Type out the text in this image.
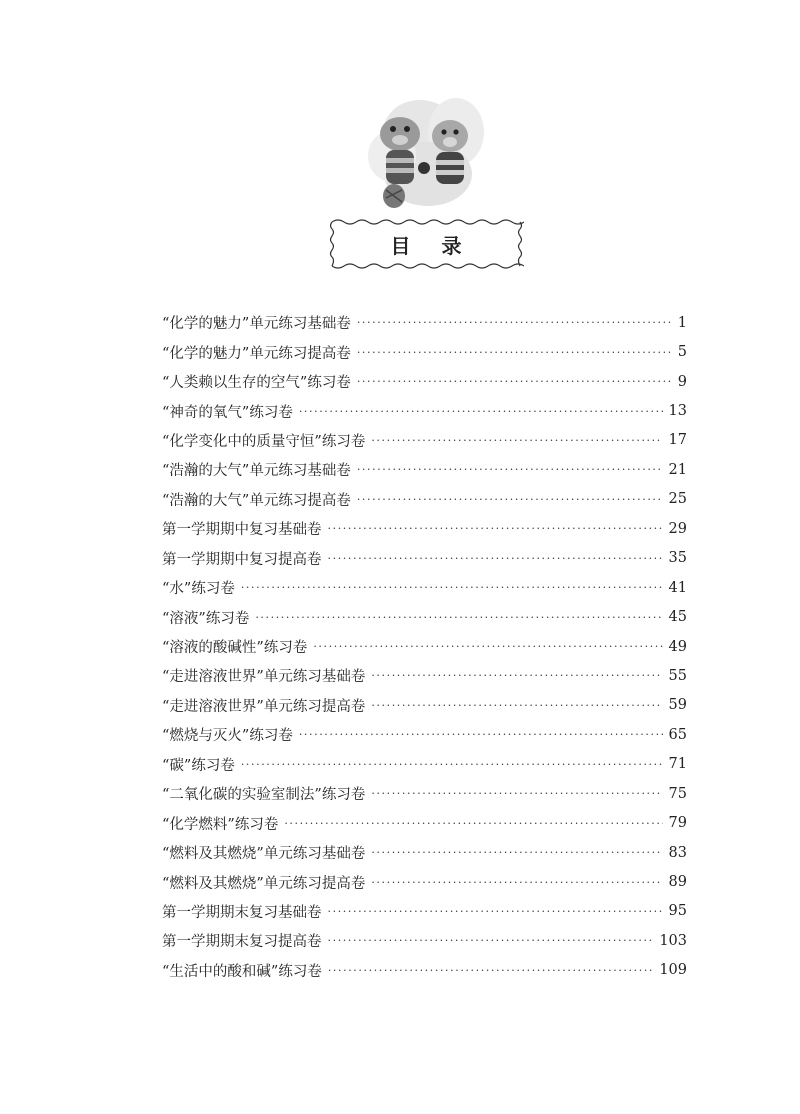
目 录
“化学的魅力”单元练习基础卷 ·····	1
“化学的魅力”单元练习提高卷 ·····	5
“人类赖以生存的空气”练习卷 ·····	9
“神奇的氧气”练习卷 ·····	13
“化学变化中的质量守恒”练习卷 ·····	17
“浩瀚的大气”单元练习基础卷 ·····	21
“浩瀚的大气”单元练习提高卷 ·····	25
第一学期期中复习基础卷 ·····	29
第一学期期中复习提高卷 ·····	35
“水”练习卷 ·····	41
“溶液”练习卷 ·····	45
“溶液的酸碱性”练习卷 ·····	49
“走进溶液世界”单元练习基础卷 ·····	55
“走进溶液世界”单元练习提高卷 ·····	59
“燃烧与灭火”练习卷 ·····	65
“碳”练习卷 ·····	71
“二氧化碳的实验室制法”练习卷 ·····	75
“化学燃料”练习卷 ·····	79
“燃料及其燃烧”单元练习基础卷 ·····	83
“燃料及其燃烧”单元练习提高卷 ·····	89
第一学期期末复习基础卷 ·····	95
第一学期期末复习提高卷 ·····	103
“生活中的酸和碱”练习卷 ·····	109
